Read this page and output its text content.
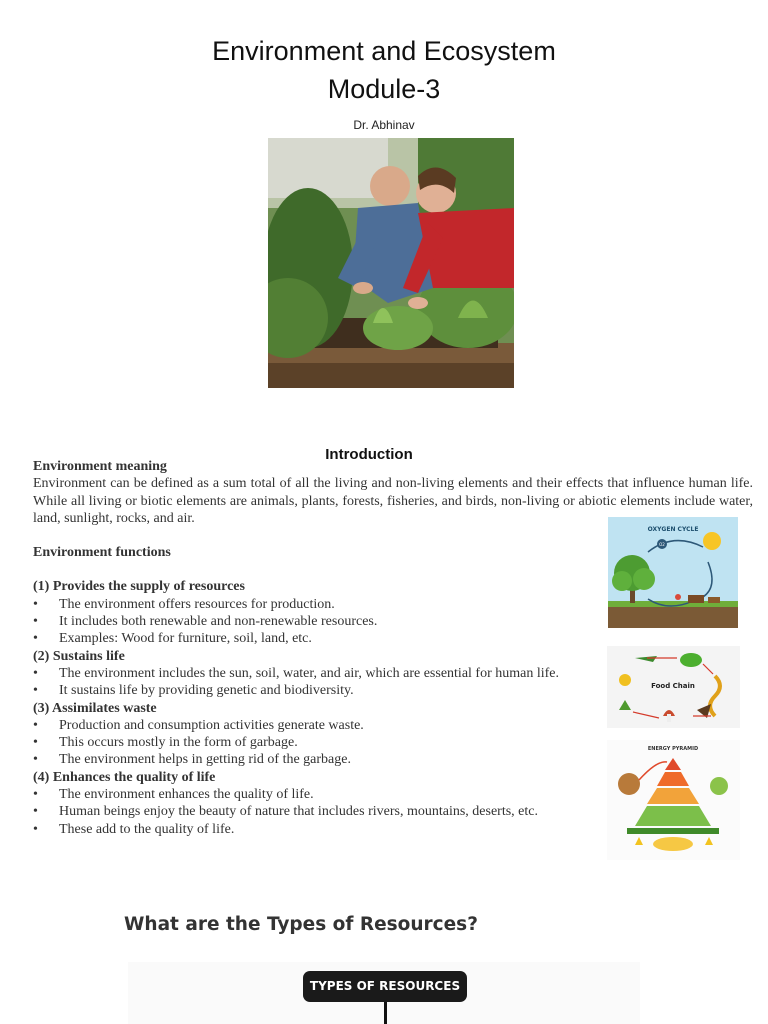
Environment and Ecosystem
Module-3
Dr. Abhinav
Introduction

Environment meaning

Environment can be defined as a sum total of all the living and non-living elements and their effects that influence human life. While all living or biotic elements are animals, plants, forests, fisheries, and birds, non-living or abiotic elements include water, land, sunlight, rocks, and air.

Environment functions

(1) Provides the supply of resources

• The environment offers resources for production.
• It includes both renewable and non-renewable resources.
• Examples: Wood for furniture, soil, land, etc.

(2) Sustains life

• The environment includes the sun, soil, water, and air, which are essential for human life.
• It sustains life by providing genetic and biodiversity.

(3) Assimilates waste

• Production and consumption activities generate waste.
• This occurs mostly in the form of garbage.
• The environment helps in getting rid of the garbage.

(4) Enhances the quality of life

• The environment enhances the quality of life.
• Human beings enjoy the beauty of nature that includes rivers, mountains, deserts, etc.
• These add to the quality of life.
OXYGEN CYCLE
O2
Food Chain
ENERGY PYRAMID
What are the Types of Resources?
TYPES OF RESOURCES
